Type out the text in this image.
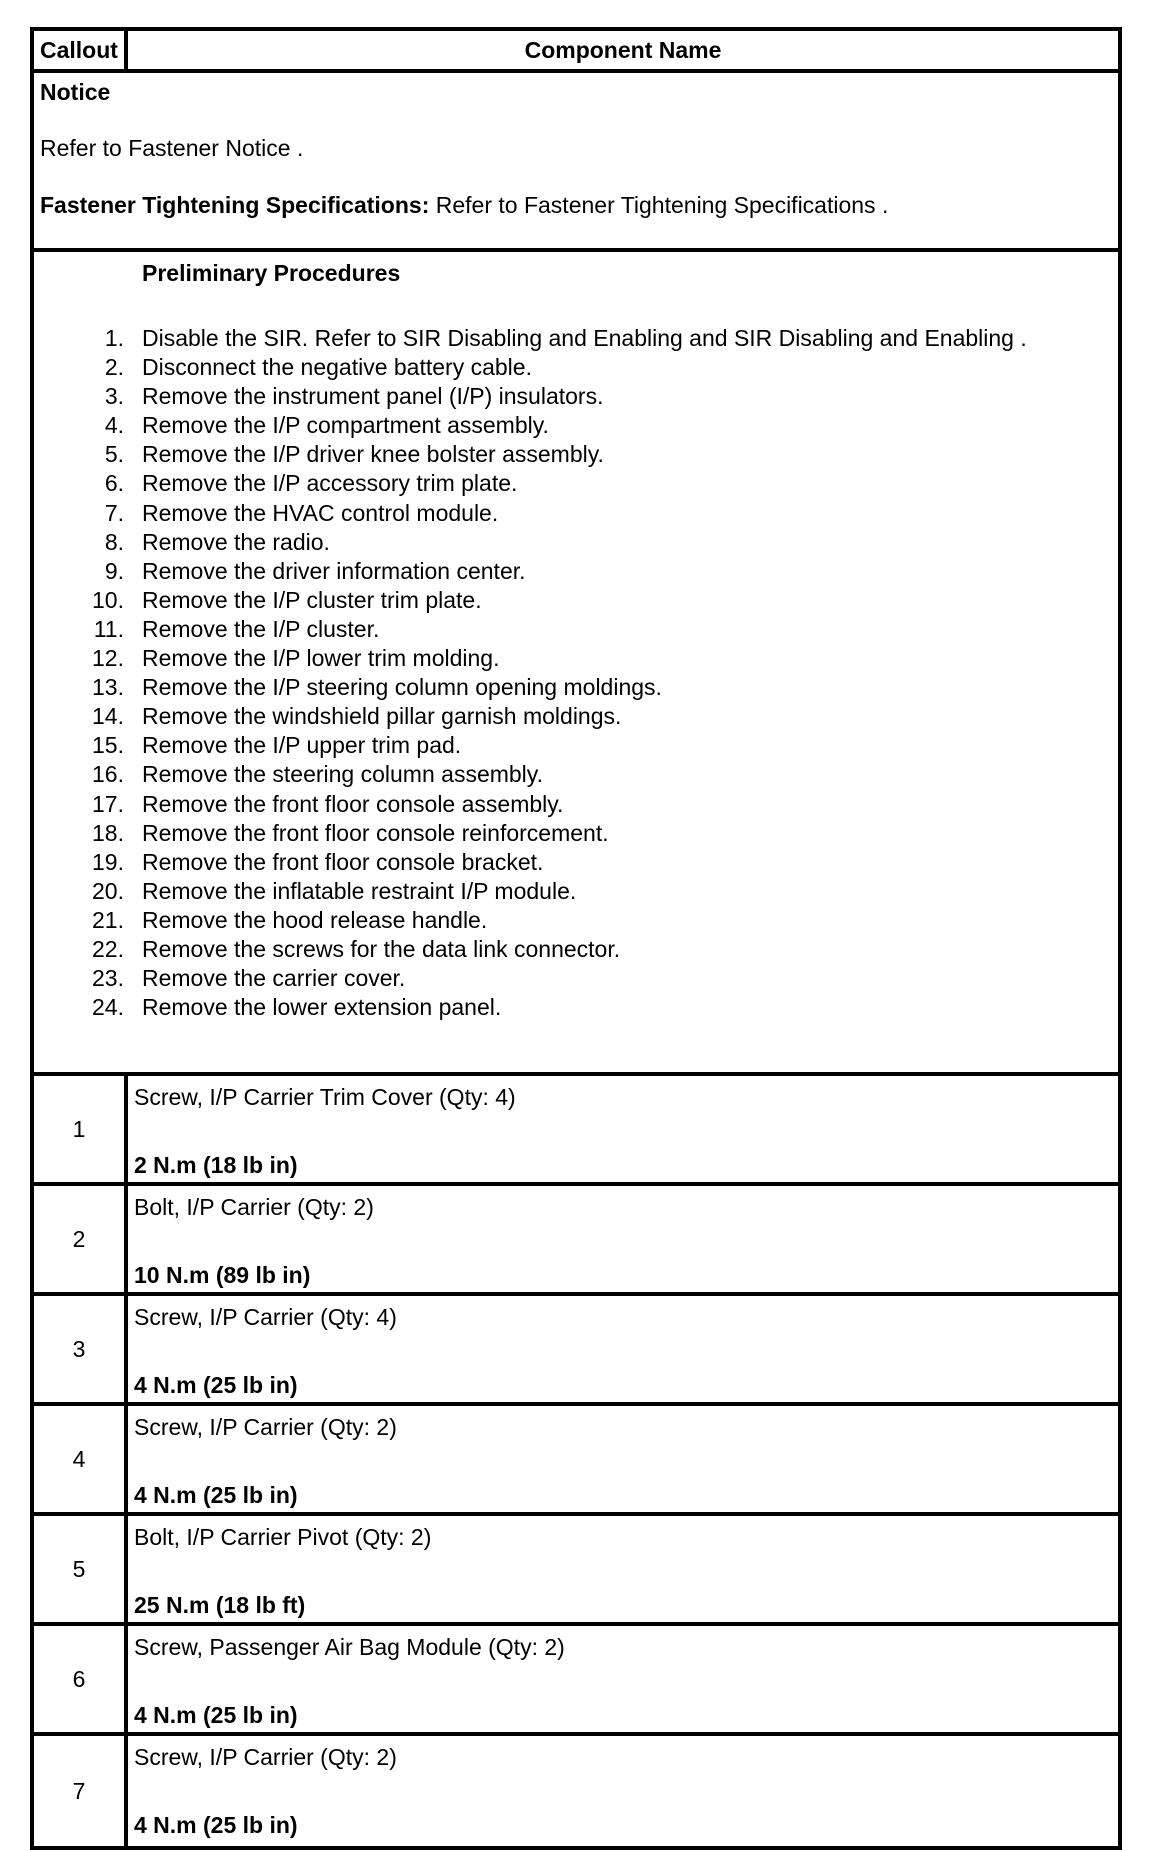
Callout	Component Name
Notice
Refer to Fastener Notice .
Fastener Tightening Specifications: Refer to Fastener Tightening Specifications .
Preliminary Procedures
1. Disable the SIR. Refer to SIR Disabling and Enabling and SIR Disabling and Enabling .
2. Disconnect the negative battery cable.
3. Remove the instrument panel (I/P) insulators.
4. Remove the I/P compartment assembly.
5. Remove the I/P driver knee bolster assembly.
6. Remove the I/P accessory trim plate.
7. Remove the HVAC control module.
8. Remove the radio.
9. Remove the driver information center.
10. Remove the I/P cluster trim plate.
11. Remove the I/P cluster.
12. Remove the I/P lower trim molding.
13. Remove the I/P steering column opening moldings.
14. Remove the windshield pillar garnish moldings.
15. Remove the I/P upper trim pad.
16. Remove the steering column assembly.
17. Remove the front floor console assembly.
18. Remove the front floor console reinforcement.
19. Remove the front floor console bracket.
20. Remove the inflatable restraint I/P module.
21. Remove the hood release handle.
22. Remove the screws for the data link connector.
23. Remove the carrier cover.
24. Remove the lower extension panel.
1
Screw, I/P Carrier Trim Cover (Qty: 4)
2 N.m (18 lb in)
2
Bolt, I/P Carrier (Qty: 2)
10 N.m (89 lb in)
3
Screw, I/P Carrier (Qty: 4)
4 N.m (25 lb in)
4
Screw, I/P Carrier (Qty: 2)
4 N.m (25 lb in)
5
Bolt, I/P Carrier Pivot (Qty: 2)
25 N.m (18 lb ft)
6
Screw, Passenger Air Bag Module (Qty: 2)
4 N.m (25 lb in)
7
Screw, I/P Carrier (Qty: 2)
4 N.m (25 lb in)
